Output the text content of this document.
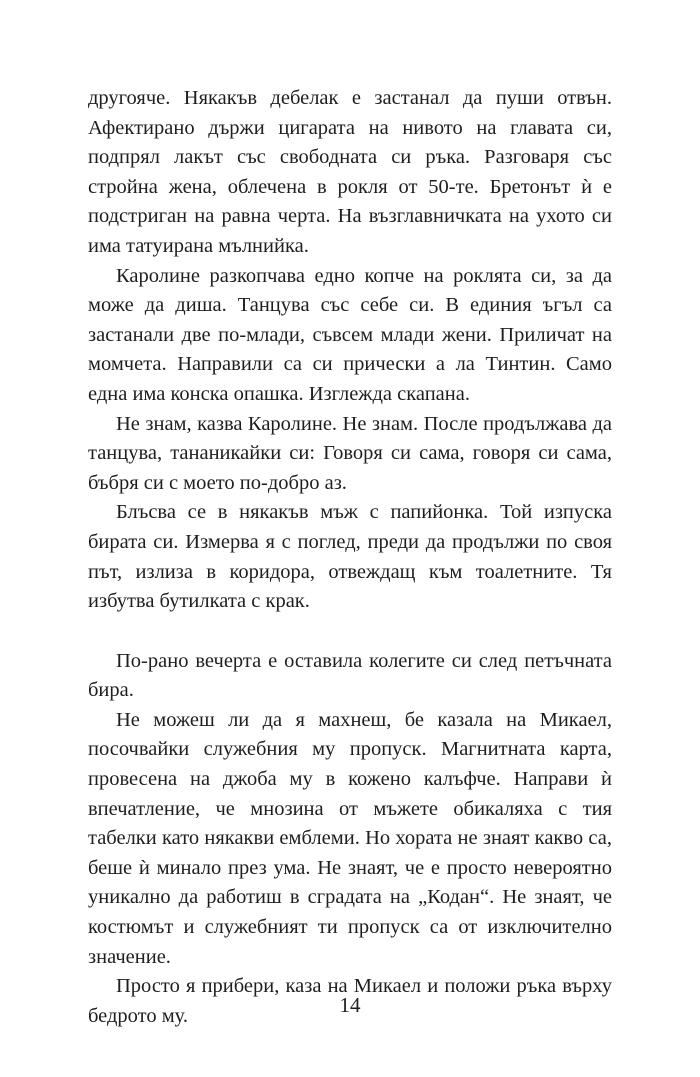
другояче. Някакъв дебелак е застанал да пуши отвън. Афектирано държи цигарата на нивото на главата си, подпрял лакът със свободната си ръка. Разговаря със стройна жена, облечена в рокля от 50-те. Бретонът ѝ е подстриган на равна черта. На възглавничката на ухото си има татуирана мълнийка.

Каролине разкопчава едно копче на роклята си, за да може да диша. Танцува със себе си. В единия ъгъл са застанали две по-млади, съвсем млади жени. Приличат на момчета. Направили са си прически а ла Тинтин. Само една има конска опашка. Изглежда скапана.

Не знам, казва Каролине. Не знам. После продължава да танцува, тананикайки си: Говоря си сама, говоря си сама, бъбря си с моето по-добро аз.

Блъсва се в някакъв мъж с папийонка. Той изпуска бирата си. Измерва я с поглед, преди да продължи по своя път, излиза в коридора, отвеждащ към тоалетните. Тя избутва бутилката с крак.

По-рано вечерта е оставила колегите си след петъчната бира.

Не можеш ли да я махнеш, бе казала на Микаел, посочвайки служебния му пропуск. Магнитната карта, провесена на джоба му в кожено калъфче. Направи ѝ впечатление, че мнозина от мъжете обикаляха с тия табелки като някакви емблеми. Но хората не знаят какво са, беше ѝ минало през ума. Не знаят, че е просто невероятно уникално да работиш в сградата на „Кодан“. Не знаят, че костюмът и служебният ти пропуск са от изключително значение.

Просто я прибери, каза на Микаел и положи ръка върху бедрото му.	14
